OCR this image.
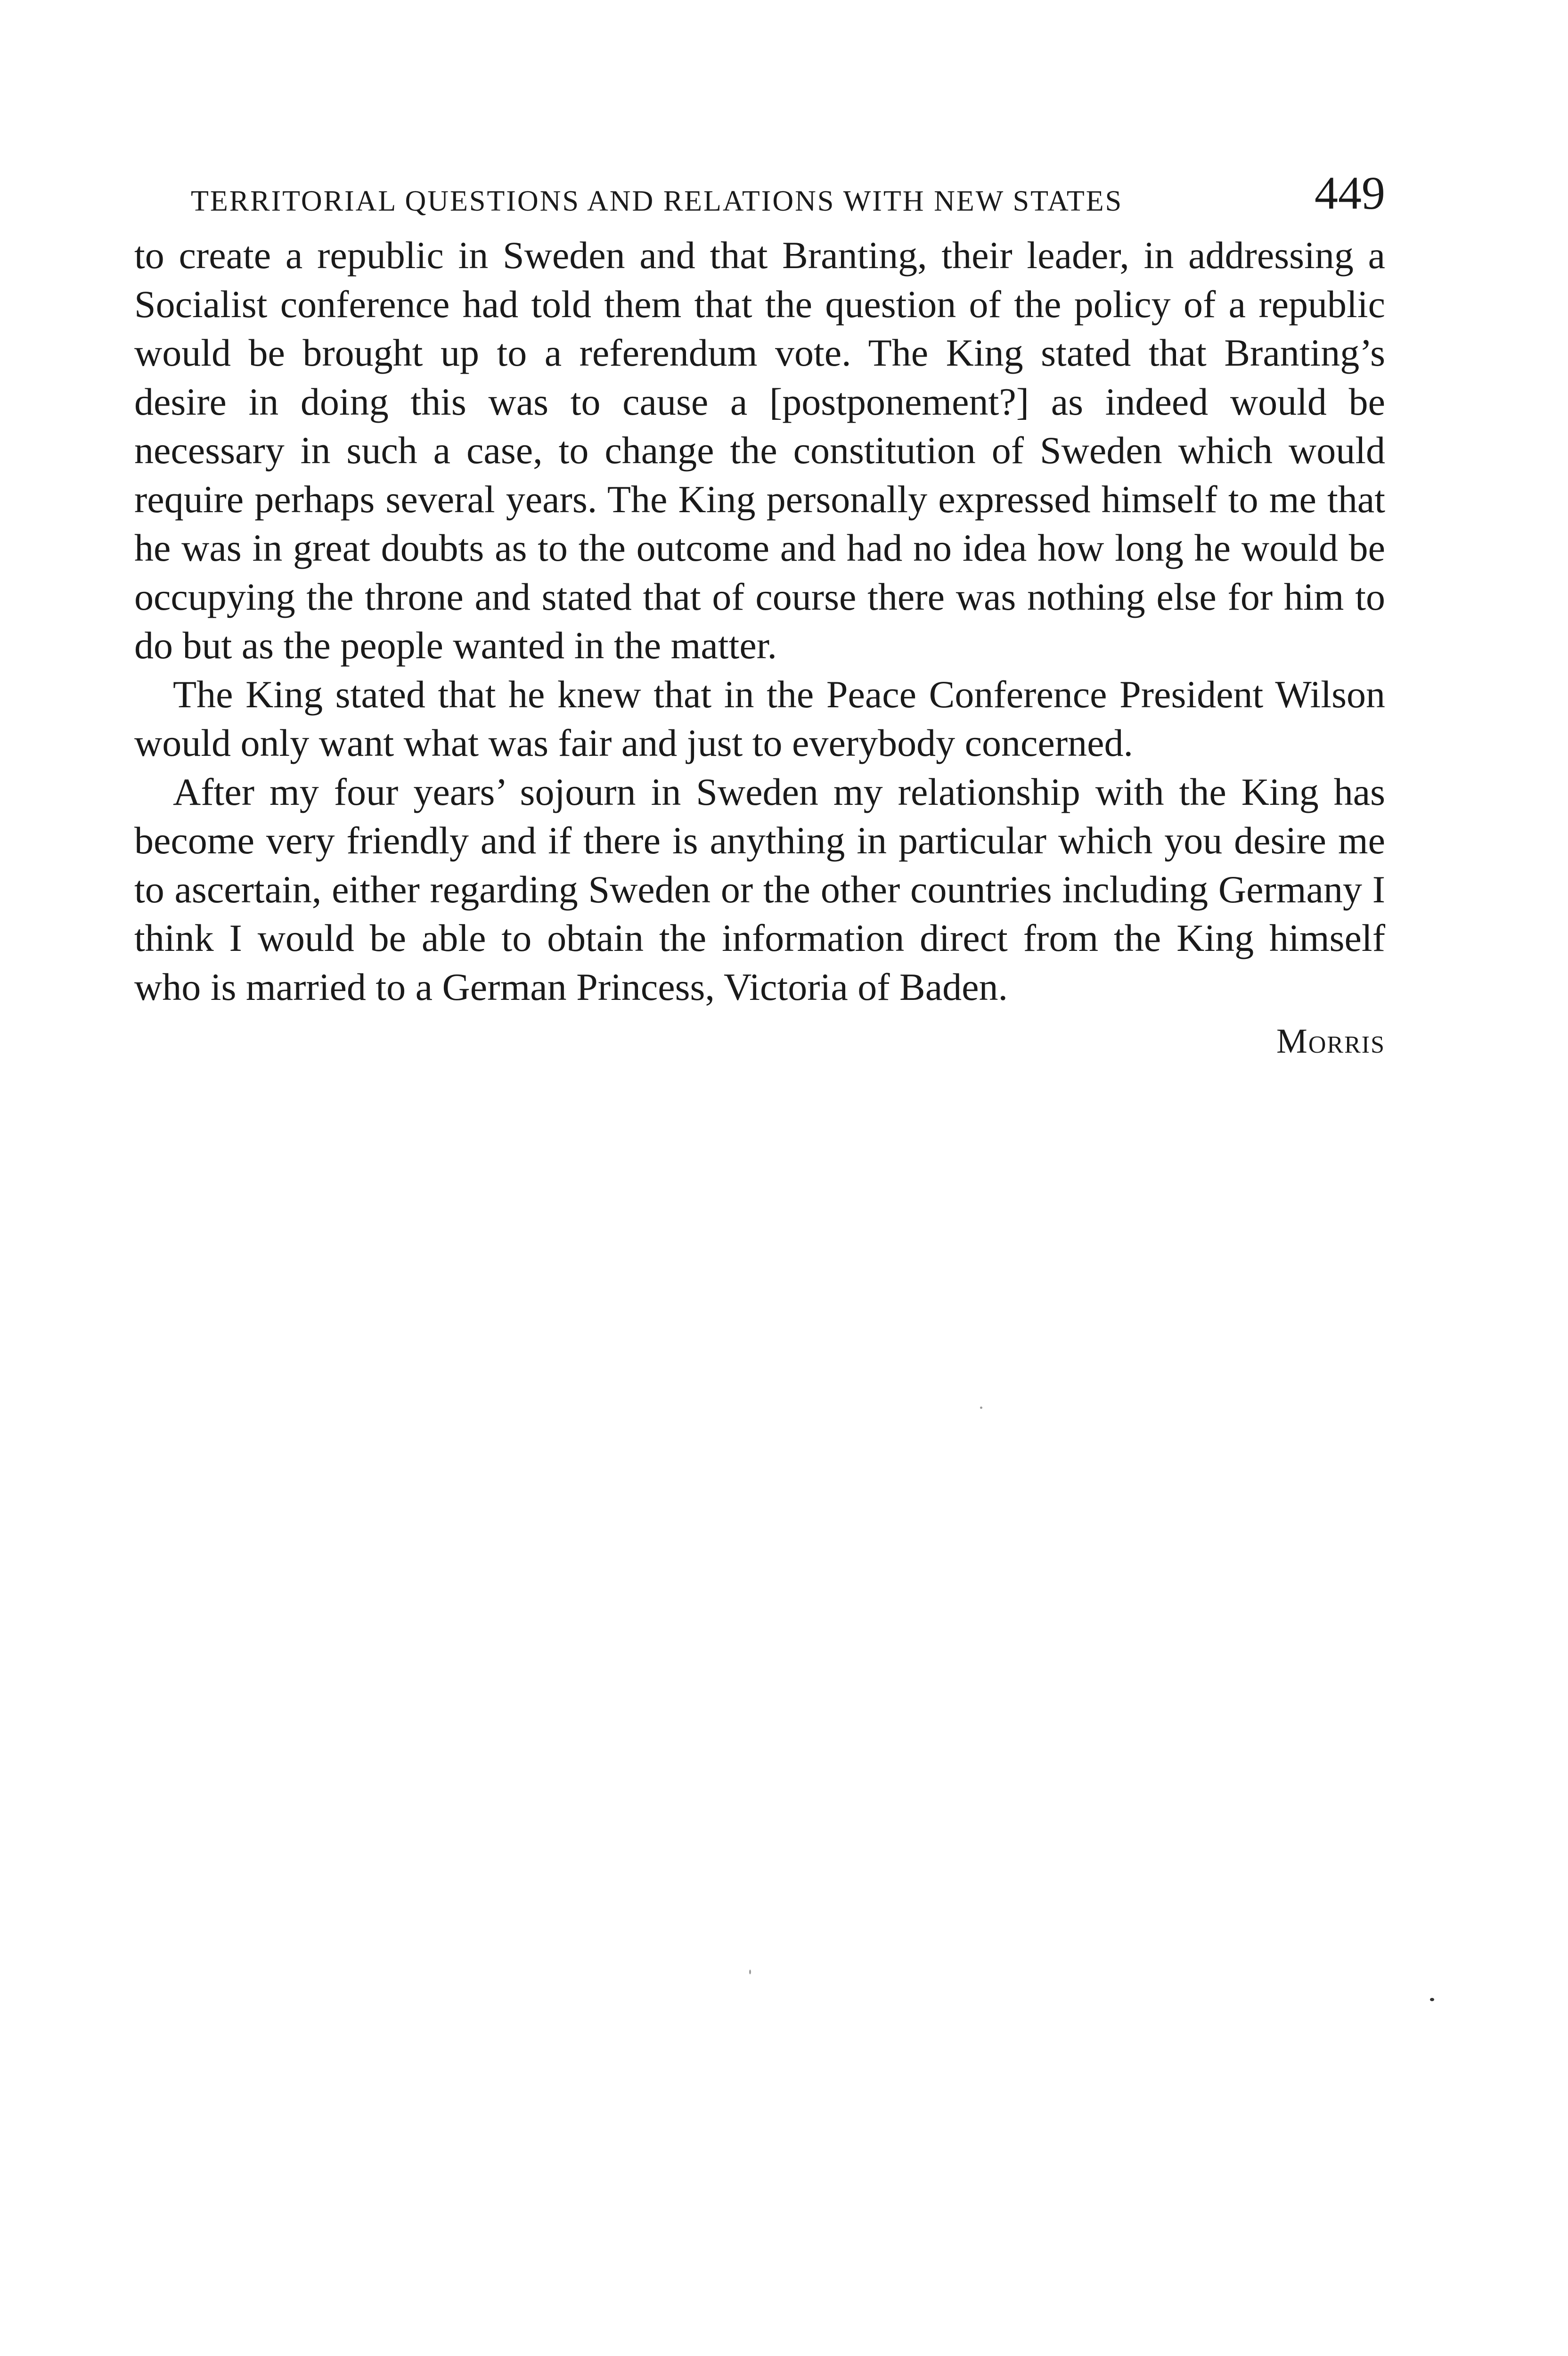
TERRITORIAL QUESTIONS AND RELATIONS WITH NEW STATES	449

to create a republic in Sweden and that Branting, their leader, in addressing a Socialist conference had told them that the question of the policy of a republic would be brought up to a referendum vote. The King stated that Branting’s desire in doing this was to cause a [postponement?] as indeed would be necessary in such a case, to change the constitution of Sweden which would require perhaps several years. The King personally expressed himself to me that he was in great doubts as to the outcome and had no idea how long he would be occupying the throne and stated that of course there was nothing else for him to do but as the people wanted in the matter.

The King stated that he knew that in the Peace Conference President Wilson would only want what was fair and just to everybody concerned.

After my four years’ sojourn in Sweden my relationship with the King has become very friendly and if there is anything in particular which you desire me to ascertain, either regarding Sweden or the other countries including Germany I think I would be able to obtain the information direct from the King himself who is married to a German Princess, Victoria of Baden.

Morris
